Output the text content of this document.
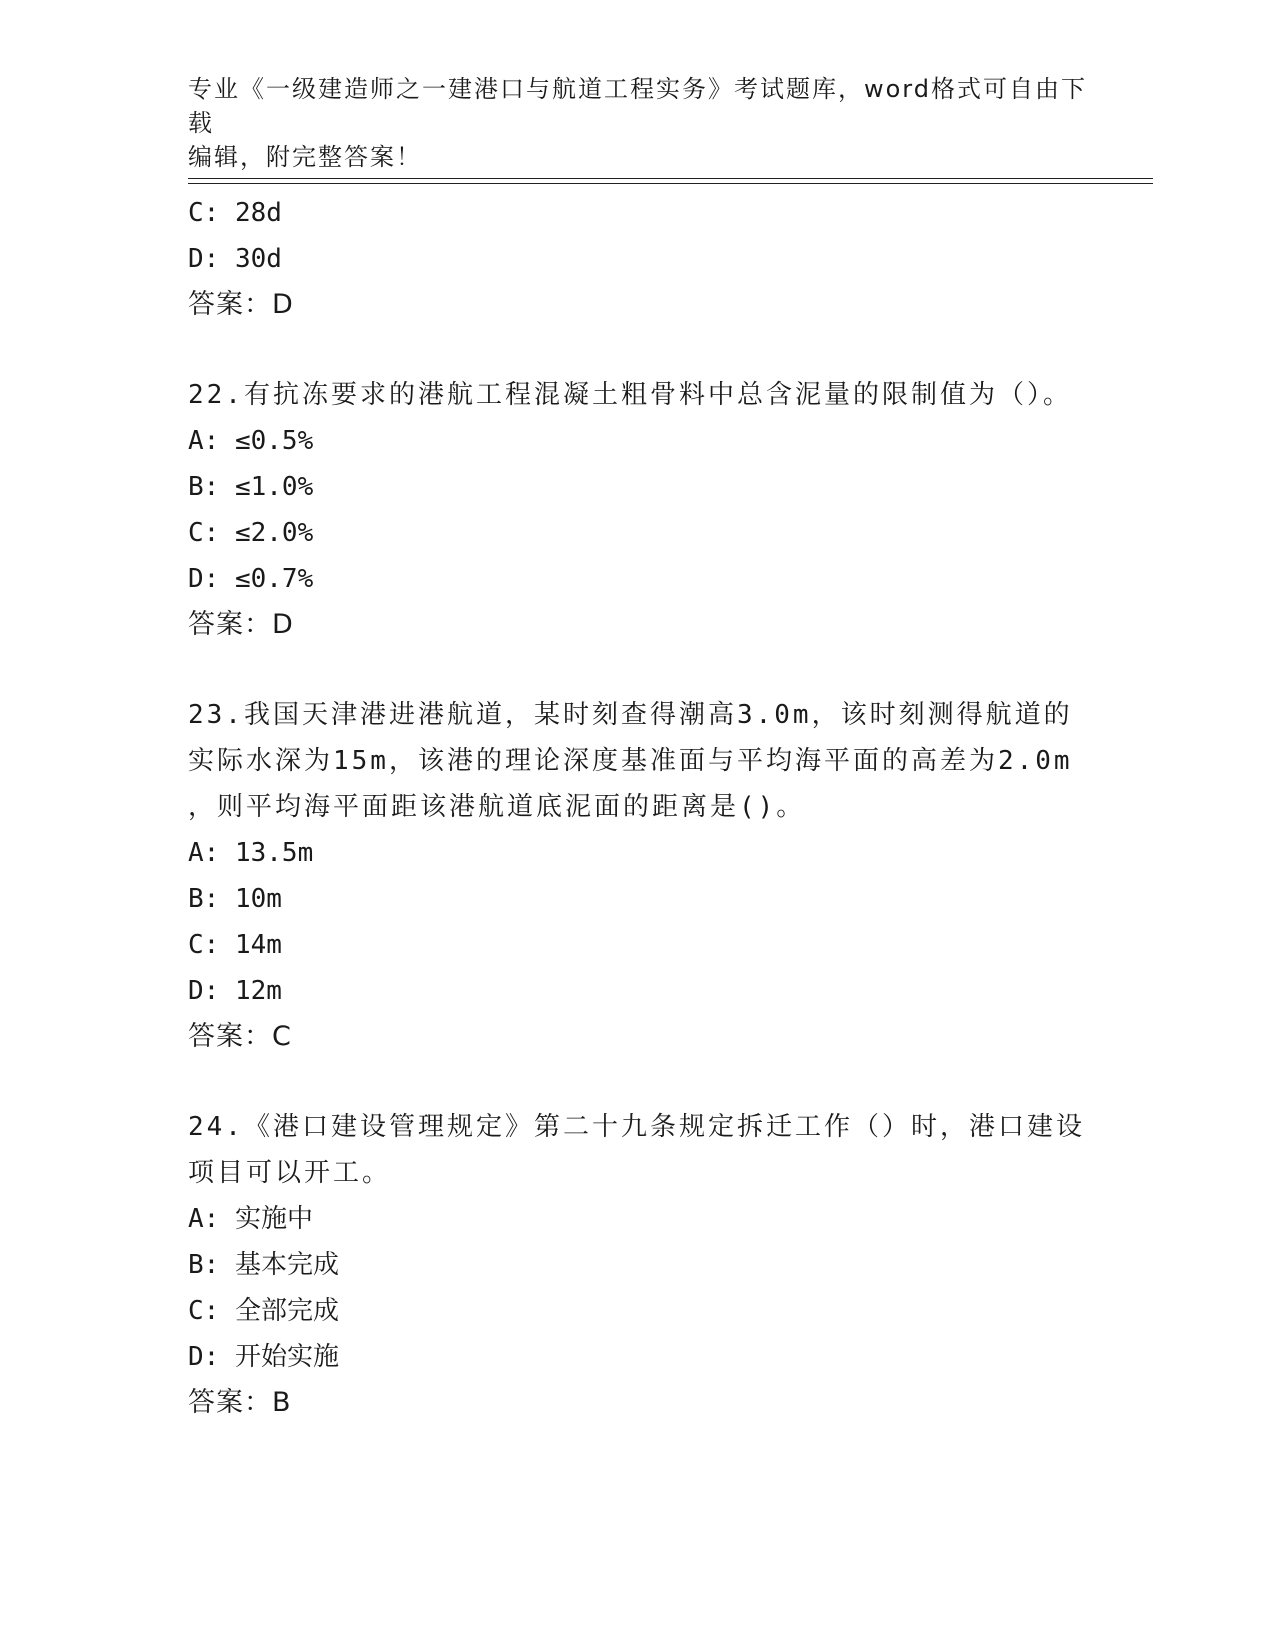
专业《一级建造师之一建港口与航道工程实务》考试题库，word格式可自由下载
编辑，附完整答案！
C: 28d
D: 30d
答案：D
22.有抗冻要求的港航工程混凝土粗骨料中总含泥量的限制值为（）。
A: ≤0.5%
B: ≤1.0%
C: ≤2.0%
D: ≤0.7%
答案：D
23.我国天津港进港航道，某时刻查得潮高3.0m，该时刻测得航道的
实际水深为15m，该港的理论深度基准面与平均海平面的高差为2.0m
，则平均海平面距该港航道底泥面的距离是()。
A: 13.5m
B: 10m
C: 14m
D: 12m
答案：C
24.《港口建设管理规定》第二十九条规定拆迁工作（）时，港口建设
项目可以开工。
A: 实施中
B: 基本完成
C: 全部完成
D: 开始实施
答案：B
